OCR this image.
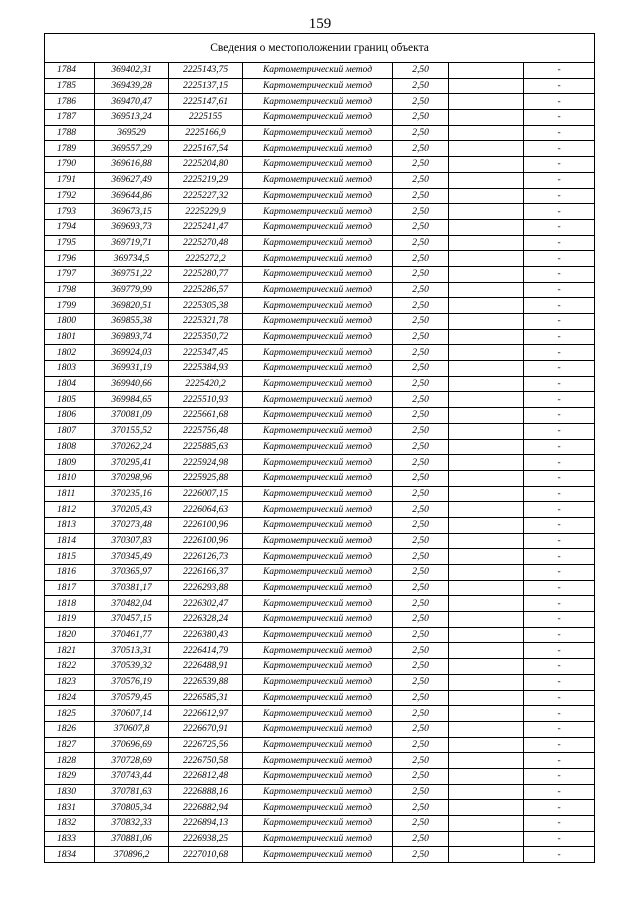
159
Сведения о местоположении границ объекта						
1784	369402,31	2225143,75	Картометрический метод	2,50		-
1785	369439,28	2225137,15	Картометрический метод	2,50		-
1786	369470,47	2225147,61	Картометрический метод	2,50		-
1787	369513,24	2225155	Картометрический метод	2,50		-
1788	369529	2225166,9	Картометрический метод	2,50		-
1789	369557,29	2225167,54	Картометрический метод	2,50		-
1790	369616,88	2225204,80	Картометрический метод	2,50		-
1791	369627,49	2225219,29	Картометрический метод	2,50		-
1792	369644,86	2225227,32	Картометрический метод	2,50		-
1793	369673,15	2225229,9	Картометрический метод	2,50		-
1794	369693,73	2225241,47	Картометрический метод	2,50		-
1795	369719,71	2225270,48	Картометрический метод	2,50		-
1796	369734,5	2225272,2	Картометрический метод	2,50		-
1797	369751,22	2225280,77	Картометрический метод	2,50		-
1798	369779,99	2225286,57	Картометрический метод	2,50		-
1799	369820,51	2225305,38	Картометрический метод	2,50		-
1800	369855,38	2225321,78	Картометрический метод	2,50		-
1801	369893,74	2225350,72	Картометрический метод	2,50		-
1802	369924,03	2225347,45	Картометрический метод	2,50		-
1803	369931,19	2225384,93	Картометрический метод	2,50		-
1804	369940,66	2225420,2	Картометрический метод	2,50		-
1805	369984,65	2225510,93	Картометрический метод	2,50		-
1806	370081,09	2225661,68	Картометрический метод	2,50		-
1807	370155,52	2225756,48	Картометрический метод	2,50		-
1808	370262,24	2225885,63	Картометрический метод	2,50		-
1809	370295,41	2225924,98	Картометрический метод	2,50		-
1810	370298,96	2225925,88	Картометрический метод	2,50		-
1811	370235,16	2226007,15	Картометрический метод	2,50		-
1812	370205,43	2226064,63	Картометрический метод	2,50		-
1813	370273,48	2226100,96	Картометрический метод	2,50		-
1814	370307,83	2226100,96	Картометрический метод	2,50		-
1815	370345,49	2226126,73	Картометрический метод	2,50		-
1816	370365,97	2226166,37	Картометрический метод	2,50		-
1817	370381,17	2226293,88	Картометрический метод	2,50		-
1818	370482,04	2226302,47	Картометрический метод	2,50		-
1819	370457,15	2226328,24	Картометрический метод	2,50		-
1820	370461,77	2226380,43	Картометрический метод	2,50		-
1821	370513,31	2226414,79	Картометрический метод	2,50		-
1822	370539,32	2226488,91	Картометрический метод	2,50		-
1823	370576,19	2226539,88	Картометрический метод	2,50		-
1824	370579,45	2226585,31	Картометрический метод	2,50		-
1825	370607,14	2226612,97	Картометрический метод	2,50		-
1826	370607,8	2226670,91	Картометрический метод	2,50		-
1827	370696,69	2226725,56	Картометрический метод	2,50		-
1828	370728,69	2226750,58	Картометрический метод	2,50		-
1829	370743,44	2226812,48	Картометрический метод	2,50		-
1830	370781,63	2226888,16	Картометрический метод	2,50		-
1831	370805,34	2226882,94	Картометрический метод	2,50		-
1832	370832,33	2226894,13	Картометрический метод	2,50		-
1833	370881,06	2226938,25	Картометрический метод	2,50		-
1834	370896,2	2227010,68	Картометрический метод	2,50		-
